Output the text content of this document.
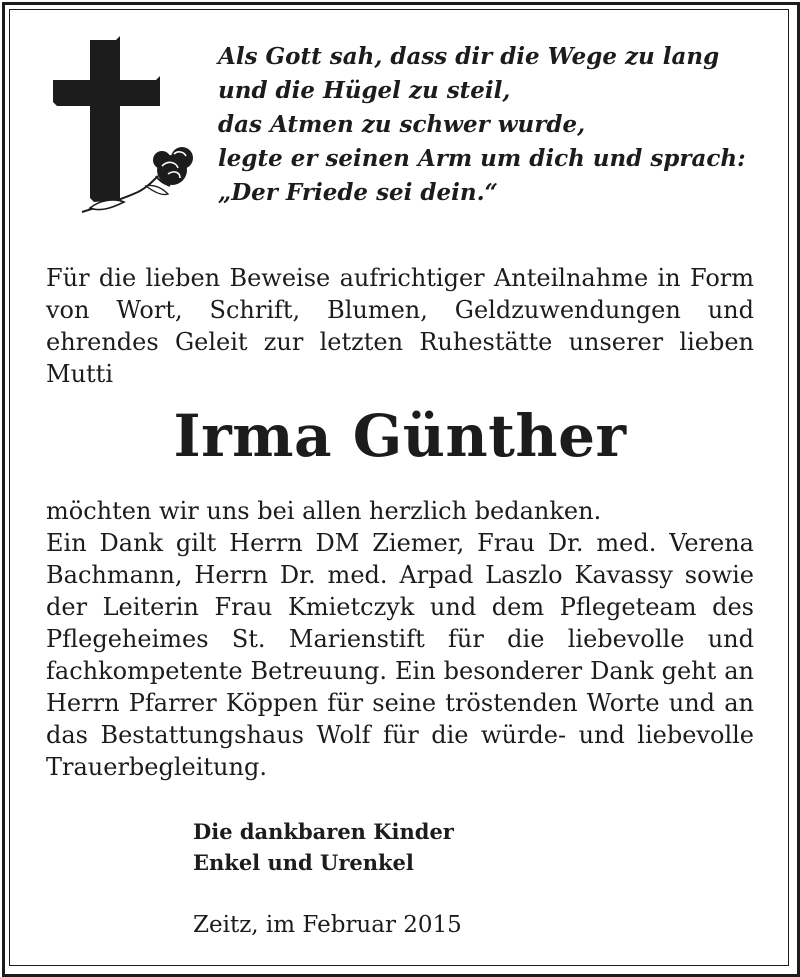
Als Gott sah, dass dir die Wege zu lang
und die Hügel zu steil,
das Atmen zu schwer wurde,
legte er seinen Arm um dich und sprach:
„Der Friede sei dein.“
Für die lieben Beweise aufrichtiger Anteilnahme in Form von Wort, Schrift, Blumen, Geldzuwendungen und ehrendes Geleit zur letzten Ruhestätte unserer lieben Mutti
Irma Günther
möchten wir uns bei allen herzlich bedanken.
Ein Dank gilt Herrn DM Ziemer, Frau Dr. med. Verena Bachmann, Herrn Dr. med. Arpad Laszlo Kavassy sowie der Leiterin Frau Kmietczyk und dem Pflegeteam des Pflegeheimes St. Marienstift für die liebevolle und fachkompetente Betreuung. Ein besonderer Dank geht an Herrn Pfarrer Köppen für seine tröstenden Worte und an das Bestattungshaus Wolf für die würde- und liebevolle Trauerbegleitung.
Die dankbaren Kinder
Enkel und Urenkel
Zeitz, im Februar 2015
